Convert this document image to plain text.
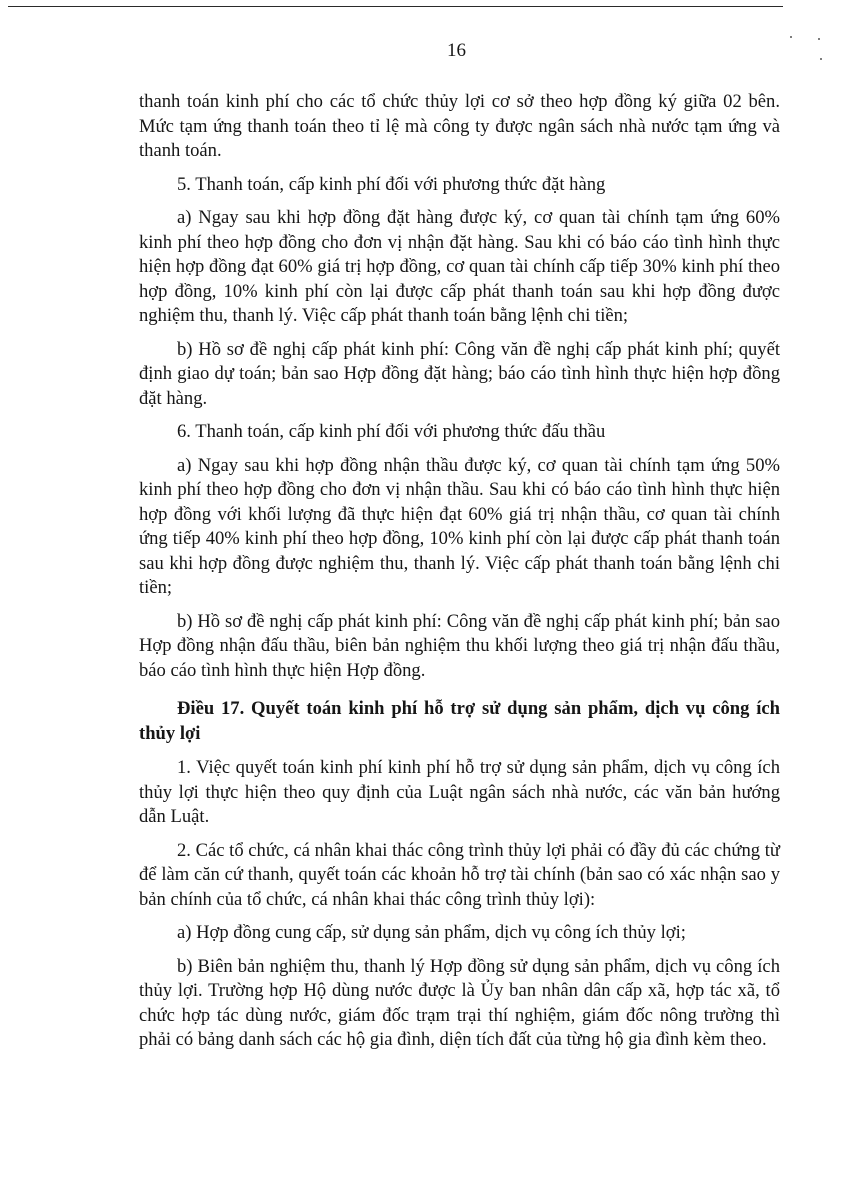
16

thanh toán kinh phí cho các tổ chức thủy lợi cơ sở theo hợp đồng ký giữa 02 bên. Mức tạm ứng thanh toán theo tỉ lệ mà công ty được ngân sách nhà nước tạm ứng và thanh toán.

5. Thanh toán, cấp kinh phí đối với phương thức đặt hàng

a) Ngay sau khi hợp đồng đặt hàng được ký, cơ quan tài chính tạm ứng 60% kinh phí theo hợp đồng cho đơn vị nhận đặt hàng. Sau khi có báo cáo tình hình thực hiện hợp đồng đạt 60% giá trị hợp đồng, cơ quan tài chính cấp tiếp 30% kinh phí theo hợp đồng, 10% kinh phí còn lại được cấp phát thanh toán sau khi hợp đồng được nghiệm thu, thanh lý. Việc cấp phát thanh toán bằng lệnh chi tiền;

b) Hồ sơ đề nghị cấp phát kinh phí: Công văn đề nghị cấp phát kinh phí; quyết định giao dự toán; bản sao Hợp đồng đặt hàng; báo cáo tình hình thực hiện hợp đồng đặt hàng.

6. Thanh toán, cấp kinh phí đối với phương thức đấu thầu

a) Ngay sau khi hợp đồng nhận thầu được ký, cơ quan tài chính tạm ứng 50% kinh phí theo hợp đồng cho đơn vị nhận thầu. Sau khi có báo cáo tình hình thực hiện hợp đồng với khối lượng đã thực hiện đạt 60% giá trị nhận thầu, cơ quan tài chính ứng tiếp 40% kinh phí theo hợp đồng, 10% kinh phí còn lại được cấp phát thanh toán sau khi hợp đồng được nghiệm thu, thanh lý. Việc cấp phát thanh toán bằng lệnh chi tiền;

b) Hồ sơ đề nghị cấp phát kinh phí: Công văn đề nghị cấp phát kinh phí; bản sao Hợp đồng nhận đấu thầu, biên bản nghiệm thu khối lượng theo giá trị nhận đấu thầu, báo cáo tình hình thực hiện Hợp đồng.

Điều 17. Quyết toán kinh phí hỗ trợ sử dụng sản phẩm, dịch vụ công ích thủy lợi

1. Việc quyết toán kinh phí kinh phí hỗ trợ sử dụng sản phẩm, dịch vụ công ích thủy lợi thực hiện theo quy định của Luật ngân sách nhà nước, các văn bản hướng dẫn Luật.

2. Các tổ chức, cá nhân khai thác công trình thủy lợi phải có đầy đủ các chứng từ để làm căn cứ thanh, quyết toán các khoản hỗ trợ tài chính (bản sao có xác nhận sao y bản chính của tổ chức, cá nhân khai thác công trình thủy lợi):

a) Hợp đồng cung cấp, sử dụng sản phẩm, dịch vụ công ích thủy lợi;

b) Biên bản nghiệm thu, thanh lý Hợp đồng sử dụng sản phẩm, dịch vụ công ích thủy lợi. Trường hợp Hộ dùng nước được là Ủy ban nhân dân cấp xã, hợp tác xã, tổ chức hợp tác dùng nước, giám đốc trạm trại thí nghiệm, giám đốc nông trường thì phải có bảng danh sách các hộ gia đình, diện tích đất của từng hộ gia đình kèm theo.
